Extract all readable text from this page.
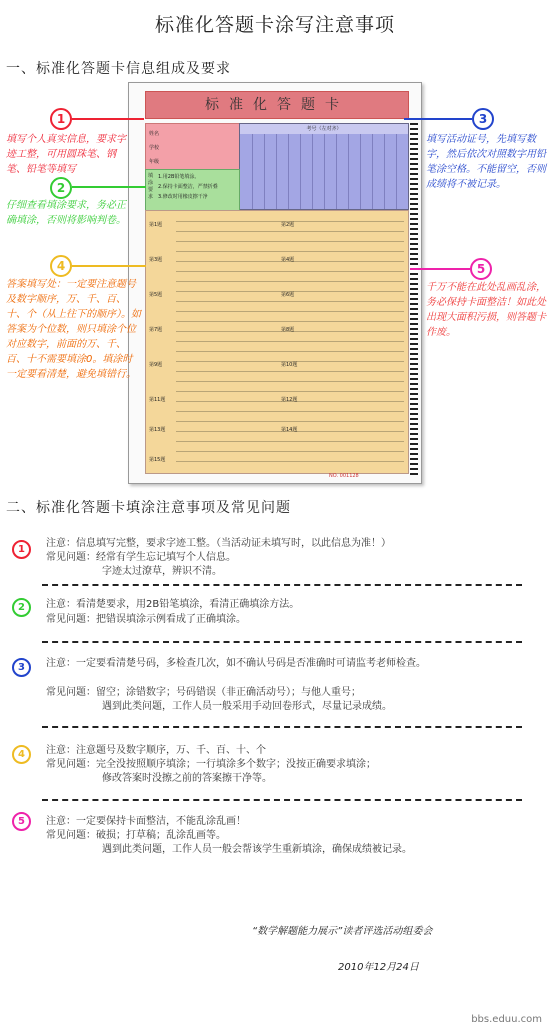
标准化答题卡涂写注意事项
一、标准化答题卡信息组成及要求
标准化答题卡
姓名
学校
年级
考号（左对齐）
填涂要求
1.用2B铅笔填涂。
2.保持卡面整洁，严禁折叠
3.修改时用橡皮擦干净
第1题	第2题
第3题	第4题
第5题	第6题
第7题	第8题
第9题	第10题
第11题	第12题
第13题	第14题
第15题
NO. 001128
1
填写个人真实信息，要求字迹工整，可用圆珠笔、钢笔、铅笔等填写
2
仔细查看填涂要求，务必正确填涂，否则将影响判卷。
3
填写活动证号，先填写数字，然后依次对照数字用铅笔涂空格。不能留空，否则成绩将不被记录。
4
答案填写处：一定要注意题号及数字顺序，万、千、百、十、个（从上往下的顺序）。如答案为个位数，则只填涂个位对应数字，前面的万、千、百、十不需要填涂0。填涂时一定要看清楚，避免填错行。
5
千万不能在此处乱画乱涂，务必保持卡面整洁！如此处出现大面积污损，则答题卡作废。
二、标准化答题卡填涂注意事项及常见问题
1
注意：信息填写完整，要求字迹工整。（当活动证未填写时，以此信息为准！）
常见问题：经常有学生忘记填写个人信息。
字迹太过潦草，辨识不清。
2	注意：看清楚要求，用2B铅笔填涂，看清正确填涂方法。
常见问题：把错误填涂示例看成了正确填涂。
3	注意：一定要看清楚号码，多检查几次，如不确认号码是否准确时可请监考老师检查。
常见问题：留空；涂错数字；号码错误（非正确活动号）；与他人重号；
遇到此类问题，工作人员一般采用手动回卷形式，尽量记录成绩。
4	注意：注意题号及数字顺序，万、千、百、十、个
常见问题：完全没按照顺序填涂；一行填涂多个数字；没按正确要求填涂；
修改答案时没擦之前的答案擦干净等。
5	注意：一定要保持卡面整洁，不能乱涂乱画！
常见问题：破损；打草稿；乱涂乱画等。
遇到此类问题，工作人员一般会帮该学生重新填涂，确保成绩被记录。
“数学解题能力展示”读者评选活动组委会
2010年12月24日
bbs.eduu.com
